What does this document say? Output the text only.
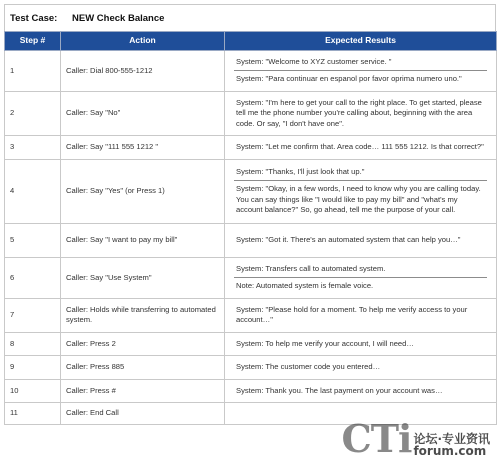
Test Case:	NEW Check Balance
Step #	Action	Expected Results
1	Caller: Dial 800-555-1212	System: "Welcome to XYZ customer service. "
System: "Para continuar en espanol por favor oprima numero uno."

2	Caller: Say "No"	System: "I'm here to get your call to the right place. To get started, please tell me the phone number you're calling about, beginning with the area code. Or say, "I don't have one".

3	Caller: Say "111 555 1212 "	System: "Let me confirm that. Area code… 111 555 1212. Is that correct?"

4	Caller: Say "Yes" (or Press 1)	System: "Thanks, I'll just look that up."
System: "Okay, in a few words, I need to know why you are calling today. You can say things like "I would like to pay my bill" and "what's my account balance?" So, go ahead, tell me the purpose of your call.

5	Caller: Say "I want to pay my bill"	System: "Got it. There's an automated system that can help you…"

6	Caller: Say "Use System"	System: Transfers call to automated system.
Note: Automated system is female voice.

7	Caller: Holds while transferring to automated system.	System: "Please hold for a moment. To help me verify access to your account…"

8	Caller: Press 2	System: To help me verify your account, I will need…

9	Caller: Press 885	System: The customer code you entered…

10	Caller: Press #	System: Thank you. The last payment on your account was…

11	Caller: End Call	
CTi 论坛·专业资讯
forum.com
